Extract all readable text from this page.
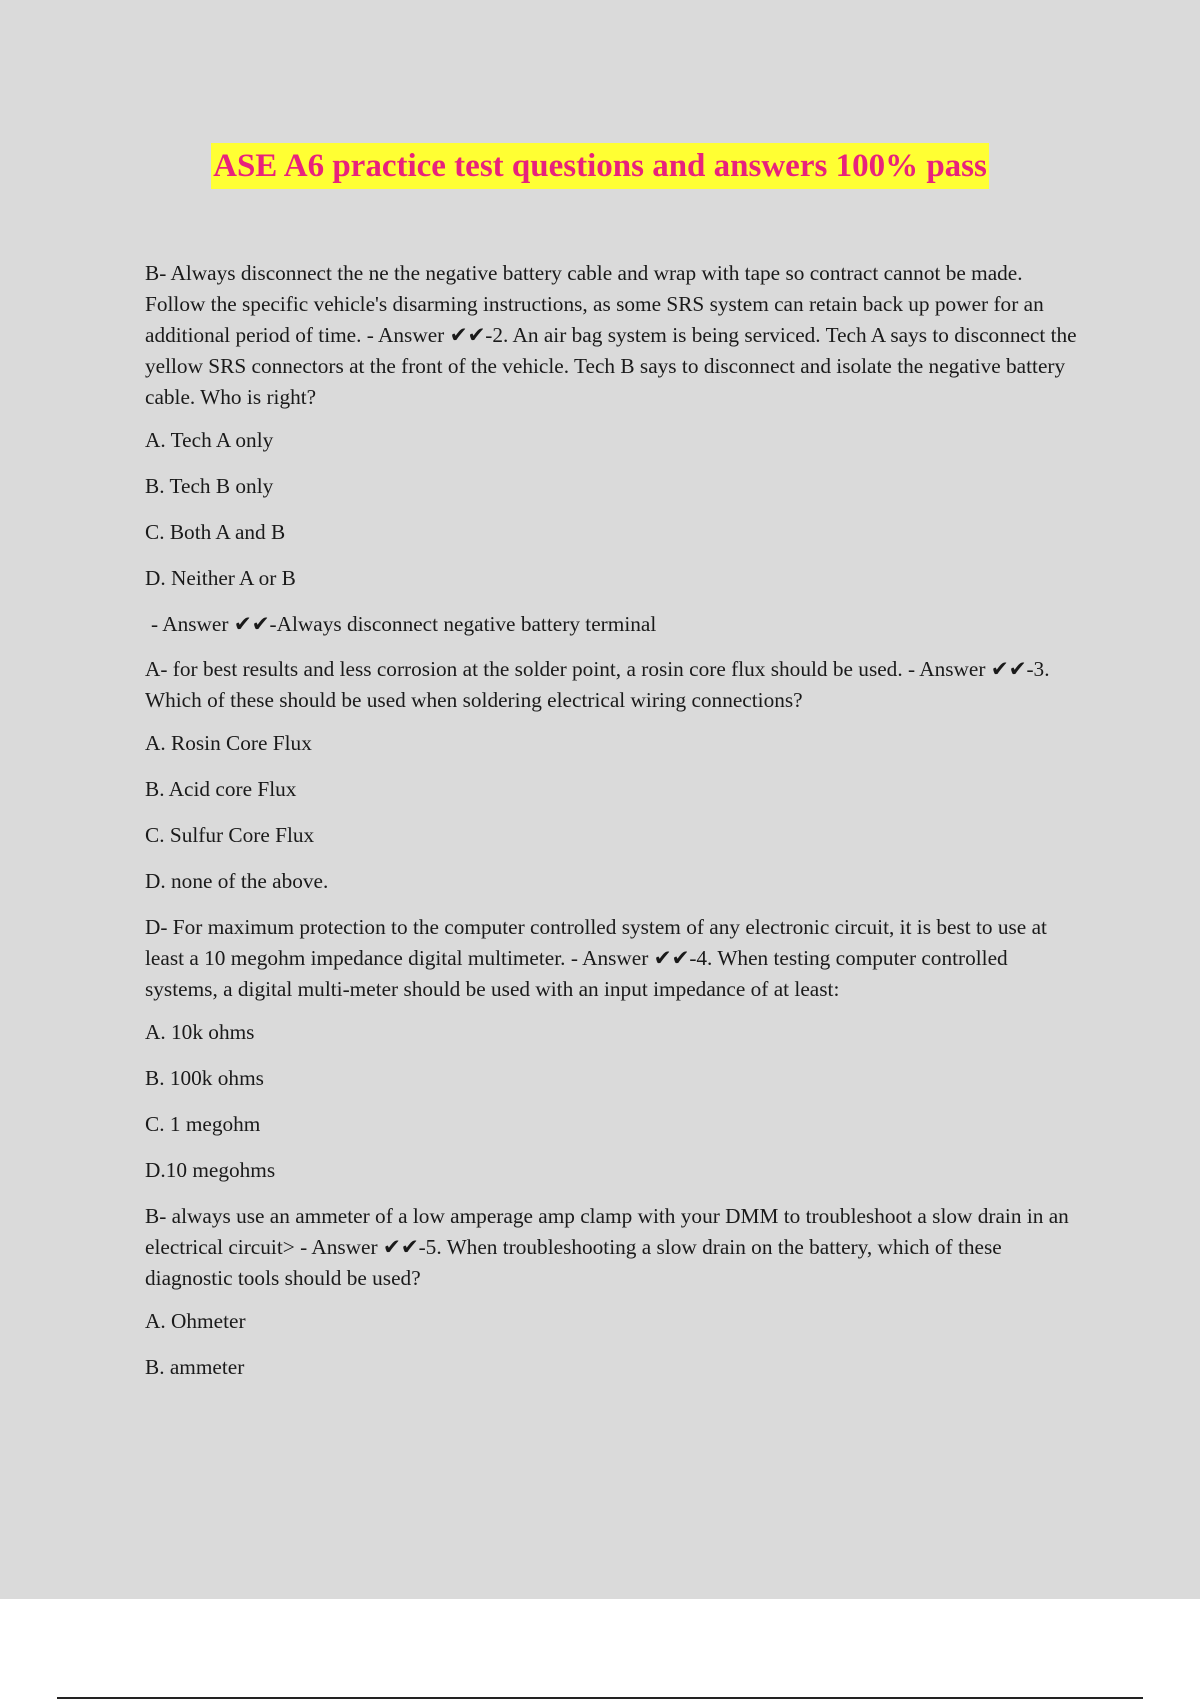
ASE A6 practice test questions and answers 100% pass

B- Always disconnect the ne the negative battery cable and wrap with tape so contract cannot be made. Follow the specific vehicle's disarming instructions, as some SRS system can retain back up power for an additional period of time. - Answer ✔✔-2. An air bag system is being serviced. Tech A says to disconnect the yellow SRS connectors at the front of the vehicle. Tech B says to disconnect and isolate the negative battery cable. Who is right?

A. Tech A only

B. Tech B only

C. Both A and B

D. Neither A or B

- Answer ✔✔-Always disconnect negative battery terminal

A- for best results and less corrosion at the solder point, a rosin core flux should be used. - Answer ✔✔-3. Which of these should be used when soldering electrical wiring connections?

A. Rosin Core Flux

B. Acid core Flux

C. Sulfur Core Flux

D. none of the above.

D- For maximum protection to the computer controlled system of any electronic circuit, it is best to use at least a 10 megohm impedance digital multimeter. - Answer ✔✔-4. When testing computer controlled systems, a digital multi-meter should be used with an input impedance of at least:

A. 10k ohms

B. 100k ohms

C. 1 megohm

D.10 megohms

B- always use an ammeter of a low amperage amp clamp with your DMM to troubleshoot a slow drain in an electrical circuit> - Answer ✔✔-5. When troubleshooting a slow drain on the battery, which of these diagnostic tools should be used?

A. Ohmeter

B. ammeter
